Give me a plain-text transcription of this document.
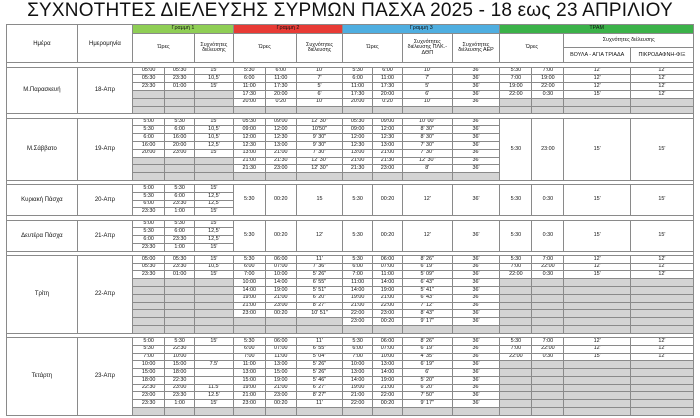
ΣΥΧΝΟΤΗΤΕΣ ΔΙΕΛΕΥΣΗΣ ΣΥΡΜΩΝ ΠΑΣΧΑ 2025 - 18 εως 23 ΑΠΡΙΛΙΟΥ
Ημέρα	Ημερομηνία	Γραμμή 1			Γραμμή 2			Γραμμή 3				ΤΡΑΜ			
		Ώρες		Συχνότητες διέλευσης	Ώρες		Συχνότητες διέλευσης	Ώρες		Συχνότητες διέλευσης ΠΛΚ.-ΔΘΠ	Συχνότητες διέλευσης ΑΕΡ	Ώρες		Συχνότητες διέλευσης	
														ΒΟΥΛΑ - ΑΓΙΑ ΤΡΙΑΔΑ	ΠΙΚΡΟΔΑΦΝΗ-ΦΙΞ

Μ.Παρασκευή	18-Απρ	05:00	05:30	15'	5:30	6:00	10'	5:30	6:00	10'	36'	5:30	7:00	12'	12'
		05:30	23:30	10,5'	6:00	11:00	7'	6:00	11:00	7'	36'	7:00	19:00	12'	12'
		23:30	01:00	15'	11:00	17:30	5'	11:00	17:30	5'	36'	19:00	22:00	12'	12'
					17:30	20:00	6'	17:30	20:00	6'	36'	22:00	0:30	15'	12'
					20:00	0:20	10'	20:00	0:20	10'	36'				

Μ.Σάββατο	19-Απρ	5:00	5:30	15'	05:30	09:00	12' 30''	05:30	09:00	10' 00''	36'	5:30	23:00	15'	15'
		5:30	6:00	10,5'	09:00	12:00	10'50''	09:00	12:00	8' 30''	36'				
		6:00	16:00	10,5'	12:00	12:30	9' 30''	12:00	12:30	8' 30''	36'				
		16:00	20:00	12,5'	12:30	13:00	9' 30''	12:30	13:00	7' 30''	36'				
		20:00	23:00	15'	13:00	21:00	7' 30''	13:00	21:00	7' 30''	36'				
					21:00	21:30	12' 30''	21:00	21:30	12' 30''	36'				
					21:30	23:00	12' 30''	21:30	23:00	8'	36'				

Κυριακή Πάσχα	20-Απρ	5:00	5:30	15'	5:30	00:20	15	5:30	00:20	12'	36'	5:30	0:30	15'	15'
		5:30	6:00	12,5'											
		6:00	23:30	12,5'											
		23:30	1:00	15'											

Δευτέρα Πάσχα	21-Απρ	5:00	5:30	15'	5:30	00:20	12'	5:30	00:20	12'	36'	5:30	0:30	15'	15'
		5:30	6:00	12,5'											
		6:00	23:30	12,5'											
		23:30	1:00	15'											

Τρίτη	22-Απρ	05:00	05:30	15'	5:30	06:00	11'	5:30	06:00	8' 26''	36'	5:30	7:00	12'	12'
		05:30	23:30	10,5'	6:00	07:00	7' 36''	6:00	07:00	6' 19''	36'	7:00	22:00	12'	12'
		23:30	01:00	15'	7:00	10:00	5' 26''	7:00	11:00	5' 09''	36'	22:00	0:30	15'	12'
					10:00	14:00	6' 55''	11:00	14:00	6' 43''	36'				
					14:00	19:00	5' 51''	14:00	19:00	5' 41''	36'				
					19:00	21:00	6' 20''	19:00	21:00	6' 43''	36'				
					21:00	23:00	8' 27''	21:00	22:00	7' 12''	36'				
					23:00	00:20	10' 51''	22:00	23:00	8' 43''	36'				
								23:00	00:20	9' 17''	36'				

Τετάρτη	23-Απρ	5:00	5:30	15'	5:30	06:00	11'	5:30	06:00	8' 26''	36'	5:30	7:00	12'	12'
		5:30	22:30		6:00	07:00	6' 55''	6:00	07:00	6' 19''	36'	7:00	22:00	12'	12'
		7:00	10:00		7:00	11:00	5' 04''	7:00	10:00	4' 35''	36'	22:00	0:30	15'	12'
		10:00	15:00	7.5'	11:00	13:00	5' 26''	10:00	13:00	6' 19''	36'				
		15:00	18:00		13:00	15:00	5' 26''	13:00	14:00	6'	36'				
		18:00	22:30		15:00	19:00	5' 46''	14:00	19:00	5' 20''	36'				
		22:30	23:00	11.5'	19:00	21:00	6' 27''	19:00	21:00	6' 20''	36'				
		23:00	23:30	12.5'	21:00	23:00	8' 27''	21:00	22:00	7' 50''	36'				
		23:30	1:00	15'	23:00	00:20	11'	22:00	00:20	9' 17''	36'				
